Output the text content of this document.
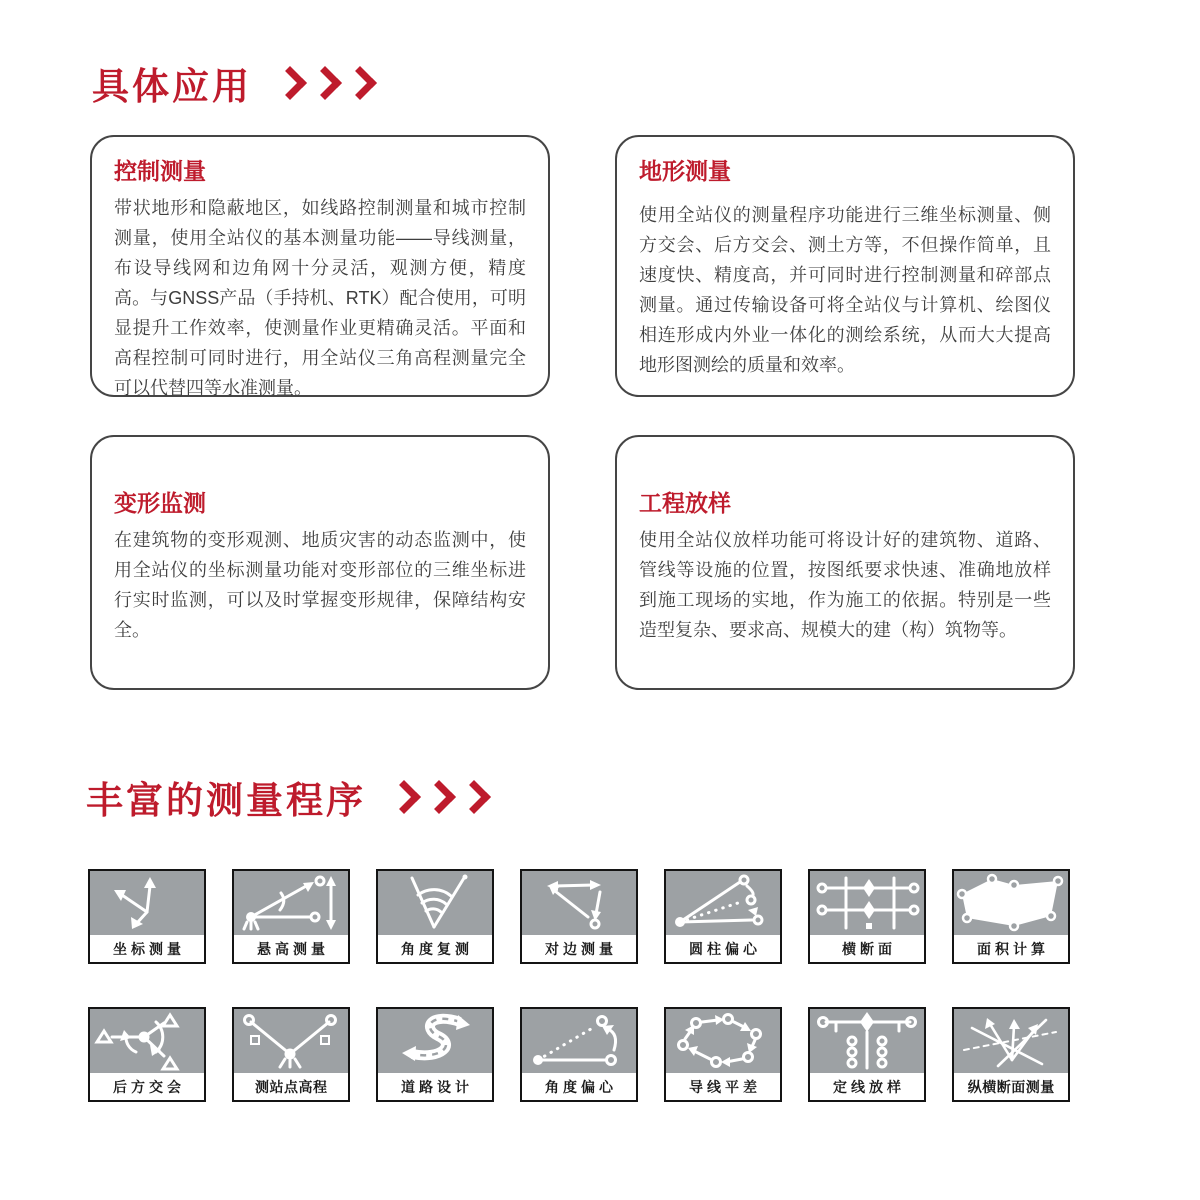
具体应用
控制测量

带状地形和隐蔽地区，如线路控制测量和城市控制测量，使用全站仪的基本测量功能——导线测量，布设导线网和边角网十分灵活，观测方便，精度高。与GNSS产品（手持机、RTK）配合使用，可明显提升工作效率，使测量作业更精确灵活。平面和高程控制可同时进行，用全站仪三角高程测量完全可以代替四等水准测量。

地形测量

使用全站仪的测量程序功能进行三维坐标测量、侧方交会、后方交会、测土方等，不但操作简单，且速度快、精度高，并可同时进行控制测量和碎部点测量。通过传输设备可将全站仪与计算机、绘图仪相连形成内外业一体化的测绘系统，从而大大提高地形图测绘的质量和效率。

变形监测

在建筑物的变形观测、地质灾害的动态监测中，使用全站仪的坐标测量功能对变形部位的三维坐标进行实时监测，可以及时掌握变形规律，保障结构安全。

工程放样

使用全站仪放样功能可将设计好的建筑物、道路、管线等设施的位置，按图纸要求快速、准确地放样到施工现场的实地，作为施工的依据。特别是一些造型复杂、要求高、规模大的建（构）筑物等。

丰富的测量程序
坐标测量	悬高测量	角度复测	对边测量	圆柱偏心	横断面	面积计算
后方交会	测站点高程	道路设计	角度偏心	导线平差	定线放样	纵横断面测量
